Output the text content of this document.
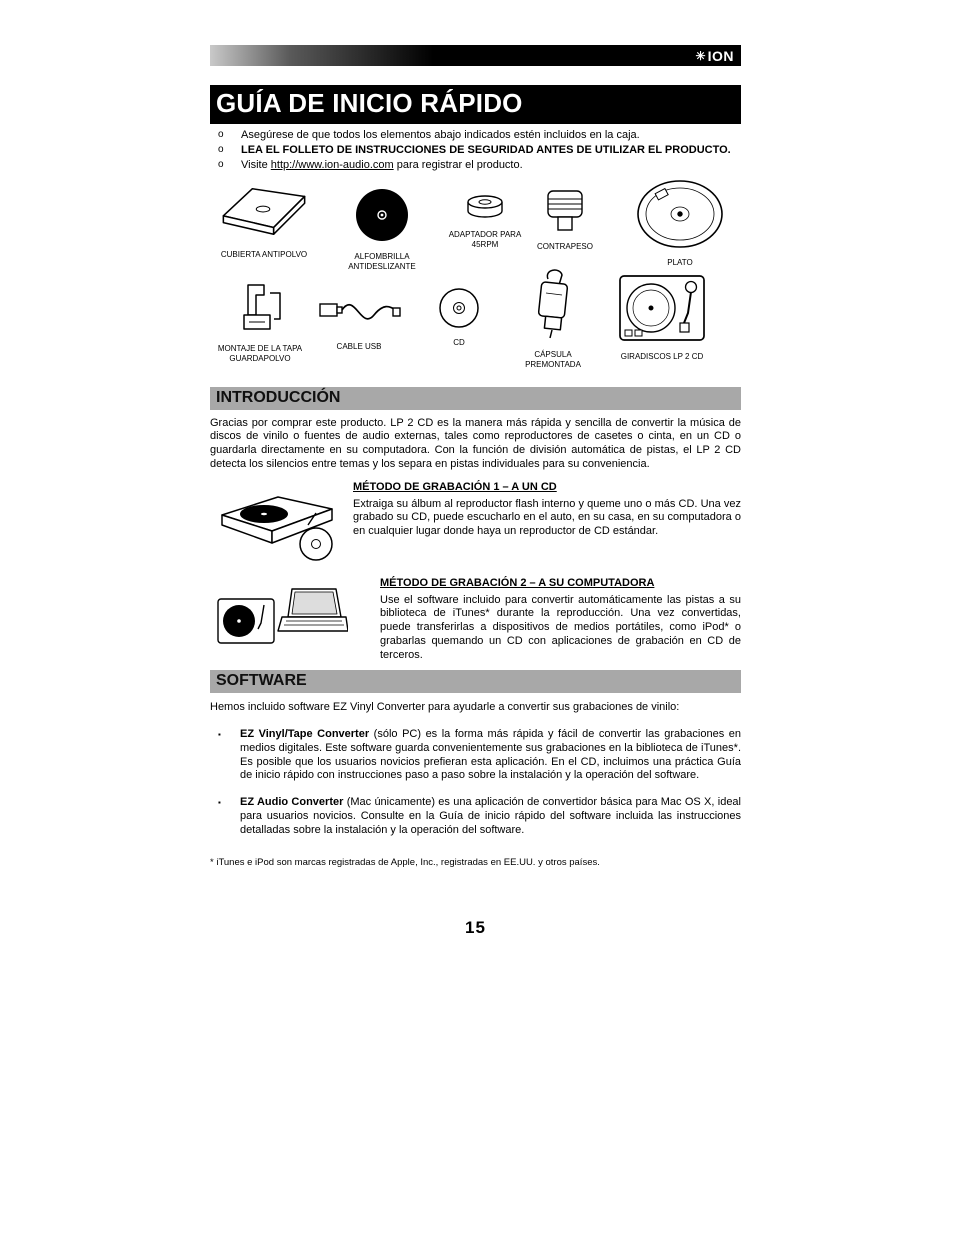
✳ ION
GUÍA DE INICIO RÁPIDO
o	Asegúrese de que todos los elementos abajo indicados estén incluidos en la caja.
o	LEA EL FOLLETO DE INSTRUCCIONES DE SEGURIDAD ANTES DE UTILIZAR EL PRODUCTO.
o	Visite http://www.ion-audio.com para registrar el producto.
CUBIERTA ANTIPOLVO	ALFOMBRILLA ANTIDESLIZANTE
ADAPTADOR PARA 45RPM	CONTRAPESO
PLATO
MONTAJE DE LA TAPA GUARDAPOLVO
CABLE USB	CD
CÁPSULA PREMONTADA
GIRADISCOS LP 2 CD
INTRODUCCIÓN

Gracias por comprar este producto. LP 2 CD es la manera más rápida y sencilla de convertir la música de discos de vinilo o fuentes de audio externas, tales como reproductores de casetes o cinta, en un CD o guardarla directamente en su computadora. Con la función de división automática de pistas, el LP 2 CD detecta los silencios entre temas y los separa en pistas individuales para su conveniencia.

MÉTODO DE GRABACIÓN 1 – A UN CD

Extraiga su álbum al reproductor flash interno y queme uno o más CD. Una vez grabado su CD, puede escucharlo en el auto, en su casa, en su computadora o en cualquier lugar donde haya un reproductor de CD estándar.

MÉTODO DE GRABACIÓN 2 – A SU COMPUTADORA

Use el software incluido para convertir automáticamente las pistas a su biblioteca de iTunes* durante la reproducción. Una vez convertidas, puede transferirlas a dispositivos de medios portátiles, como iPod* o grabarlas quemando un CD con aplicaciones de grabación en CD de terceros.

SOFTWARE

Hemos incluido software EZ Vinyl Converter para ayudarle a convertir sus grabaciones de vinilo:

▪	EZ Vinyl/Tape Converter (sólo PC) es la forma más rápida y fácil de convertir las grabaciones en medios digitales. Este software guarda convenientemente sus grabaciones en la biblioteca de iTunes*. Es posible que los usuarios novicios prefieran esta aplicación. En el CD, incluimos una práctica Guía de inicio rápido con instrucciones paso a paso sobre la instalación y la operación del software.

▪	EZ Audio Converter (Mac únicamente) es una aplicación de convertidor básica para Mac OS X, ideal para usuarios novicios. Consulte en la Guía de inicio rápido del software incluida las instrucciones detalladas sobre la instalación y la operación del software.

* iTunes e iPod son marcas registradas de Apple, Inc., registradas en EE.UU. y otros países.

15
